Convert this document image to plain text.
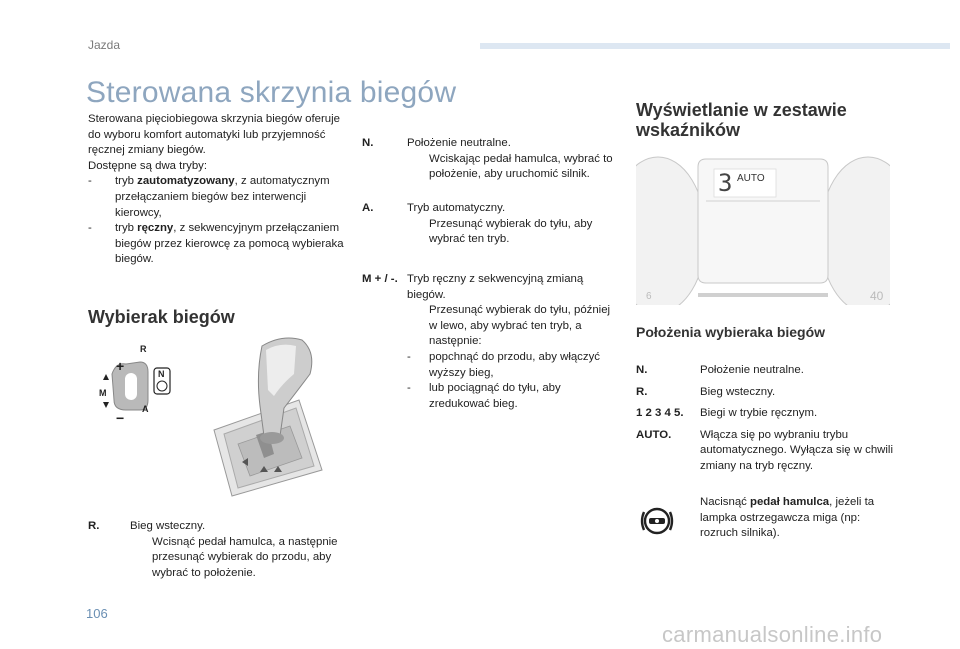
Jazda
Sterowana skrzynia biegów

Sterowana pięciobiegowa skrzynia biegów oferuje do wyboru komfort automatyki lub przyjemność ręcznej zmiany biegów.

Dostępne są dwa tryby:

-	tryb zautomatyzowany, z automatycznym przełączaniem biegów bez interwencji kierowcy,
-	tryb ręczny, z sekwencyjnym przełączaniem biegów przez kierowcę za pomocą wybieraka biegów.
Wybierak biegów
R
+
M
A
−
N
R.	Bieg wsteczny.
Wcisnąć pedał hamulca, a następnie przesunąć wybierak do przodu, aby wybrać to położenie.
N.	Położenie neutralne.
Wciskając pedał hamulca, wybrać to położenie, aby uruchomić silnik.
A.	Tryb automatyczny.
Przesunąć wybierak do tyłu, aby wybrać ten tryb.
M + / -. Tryb ręczny z sekwencyjną zmianą biegów.
Przesunąć wybierak do tyłu, później w lewo, aby wybrać ten tryb, a następnie:
-	popchnąć do przodu, aby włączyć wyższy bieg,
-	lub pociągnąć do tyłu, aby zredukować bieg.
Wyświetlanie w zestawie wskaźników
3 AUTO
6	40
Położenia wybieraka biegów
N.	Położenie neutralne.
R.	Bieg wsteczny.
1 2 3 4 5.	Biegi w trybie ręcznym.
AUTO.	Włącza się po wybraniu trybu automatycznego. Wyłącza się w chwili zmiany na tryb ręczny.
Nacisnąć pedał hamulca, jeżeli ta lampka ostrzegawcza miga (np: rozruch silnika).
106
carmanualsonline.info
